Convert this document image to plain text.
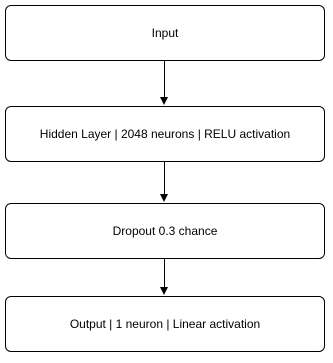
Input
Hidden Layer | 2048 neurons | RELU activation
Dropout 0.3 chance
Output | 1 neuron | Linear activation
